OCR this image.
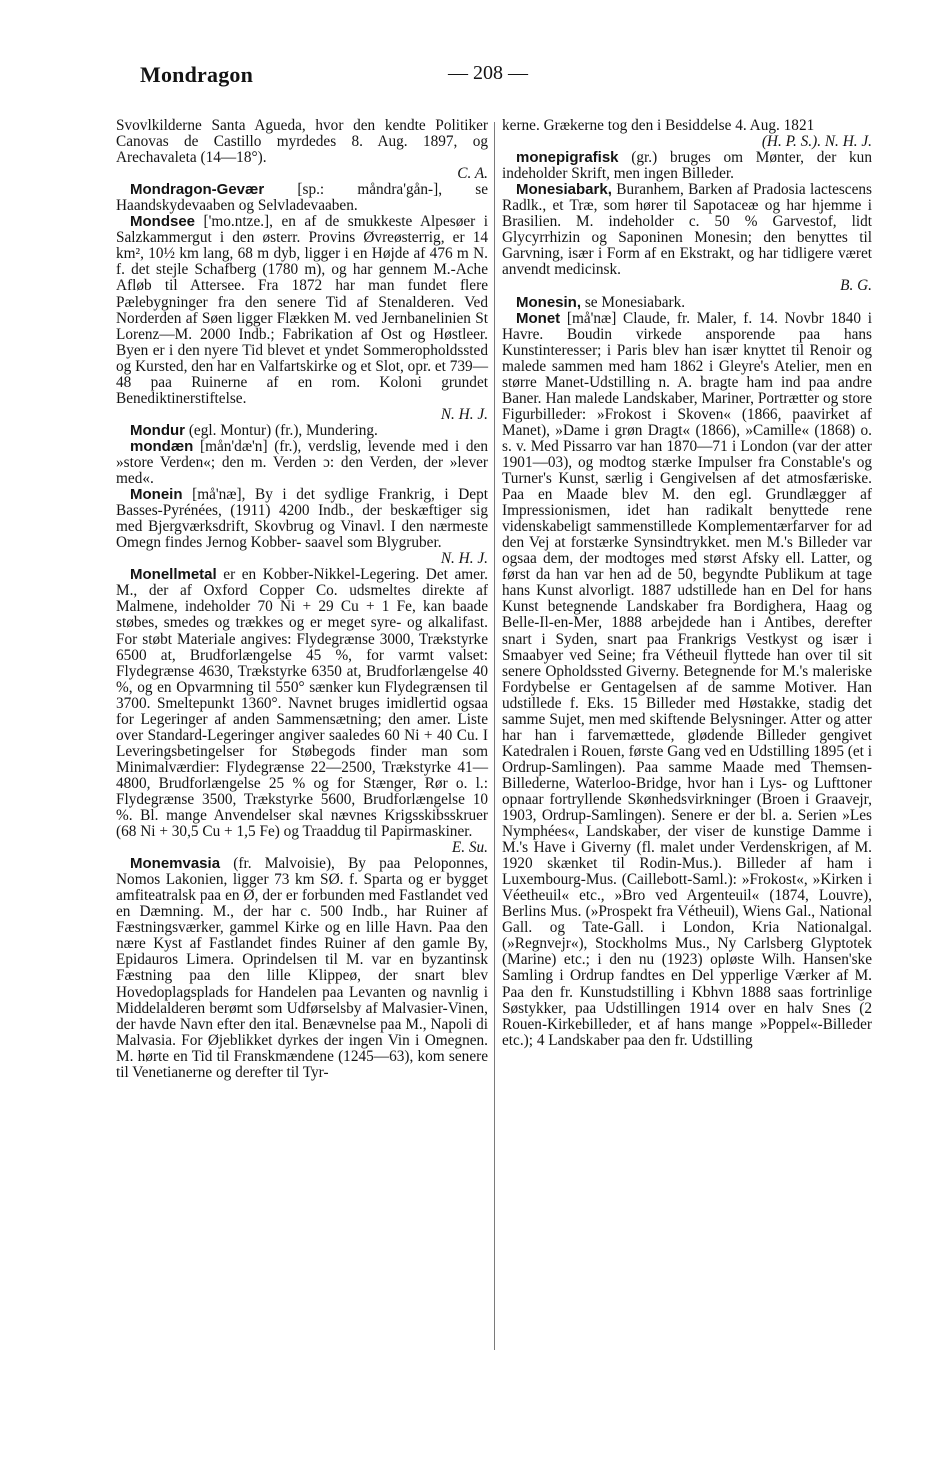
Mondragon	— 208 —

Svovlkilderne Santa Agueda, hvor den kendte Politiker Canovas de Castillo myrdedes 8. Aug. 1897, og Arechavaleta (14—18°).
C. A.

Mondragon-Gevær [sp.: måndra'gån-], se Haandskydevaaben og Selvladevaaben.

Mondsee ['mo.ntze.], en af de smukkeste Alpesøer i Salzkammergut i den østerr. Provins Øvreøsterrig, er 14 km², 10½ km lang, 68 m dyb, ligger i en Højde af 476 m N. f. det stejle Schafberg (1780 m), og har gennem M.-Ache Afløb til Attersee. Fra 1872 har man fundet flere Pælebygninger fra den senere Tid af Stenalderen. Ved Norderden af Søen ligger Flækken M. ved Jernbanelinien St Lorenz—M. 2000 Indb.; Fabrikation af Ost og Høstleer. Byen er i den nyere Tid blevet et yndet Sommeropholdssted og Kursted, den har en Valfartskirke og et Slot, opr. et 739—48 paa Ruinerne af en rom. Koloni grundet Benediktinerstiftelse.
N. H. J.

Mondur (egl. Montur) (fr.), Mundering.

mondæn [mån'dæ'n] (fr.), verdslig, levende med i den »store Verden«; den m. Verden ɔ: den Verden, der »lever med«.

Monein [må'næ], By i det sydlige Frankrig, i Dept Basses-Pyrénées, (1911) 4200 Indb., der beskæftiger sig med Bjergværksdrift, Skovbrug og Vinavl. I den nærmeste Omegn findes Jernog Kobber- saavel som Blygruber.
N. H. J.

Monellmetal er en Kobber-Nikkel-Legering. Det amer. M., der af Oxford Copper Co. udsmeltes direkte af Malmene, indeholder 70 Ni + 29 Cu + 1 Fe, kan baade støbes, smedes og trækkes og er meget syre- og alkalifast. For støbt Materiale angives: Flydegrænse 3000, Trækstyrke 6500 at, Brudforlængelse 45 %, for varmt valset: Flydegrænse 4630, Trækstyrke 6350 at, Brudforlængelse 40 %, og en Opvarmning til 550° sænker kun Flydegrænsen til 3700. Smeltepunkt 1360°. Navnet bruges imidlertid ogsaa for Legeringer af anden Sammensætning; den amer. Liste over Standard-Legeringer angiver saaledes 60 Ni + 40 Cu. I Leveringsbetingelser for Støbegods finder man som Minimalværdier: Flydegrænse 22—2500, Trækstyrke 41—4800, Brudforlængelse 25 % og for Stænger, Rør o. l.: Flydegrænse 3500, Trækstyrke 5600, Brudforlængelse 10 %. Bl. mange Anvendelser skal nævnes Krigsskibsskruer (68 Ni + 30,5 Cu + 1,5 Fe) og Traaddug til Papirmaskiner.
E. Su.

Monemvasia (fr. Malvoisie), By paa Peloponnes, Nomos Lakonien, ligger 73 km SØ. f. Sparta og er bygget amfiteatralsk paa en Ø, der er forbunden med Fastlandet ved en Dæmning. M., der har c. 500 Indb., har Ruiner af Fæstningsværker, gammel Kirke og en lille Havn. Paa den nære Kyst af Fastlandet findes Ruiner af den gamle By, Epidauros Limera. Oprindelsen til M. var en byzantinsk Fæstning paa den lille Klippeø, der snart blev Hovedoplagsplads for Handelen paa Levanten og navnlig i Middelalderen berømt som Udførselsby af Malvasier-Vinen, der havde Navn efter den ital. Benævnelse paa M., Napoli di Malvasia. For Øjeblikket dyrkes der ingen Vin i Omegnen. M. hørte en Tid til Franskmændene (1245—63), kom senere til Venetianerne og derefter til Tyr-

kerne. Grækerne tog den i Besiddelse 4. Aug. 1821
(H. P. S.). N. H. J.

monepigrafisk (gr.) bruges om Mønter, der kun indeholder Skrift, men ingen Billeder.

Monesiabark, Buranhem, Barken af Pradosia lactescens Radlk., et Træ, som hører til Sapotaceæ og har hjemme i Brasilien. M. indeholder c. 50 % Garvestof, lidt Glycyrrhizin og Saponinen Monesin; den benyttes til Garvning, især i Form af en Ekstrakt, og har tidligere været anvendt medicinsk.
B. G.

Monesin, se Monesiabark.

Monet [må'næ] Claude, fr. Maler, f. 14. Novbr 1840 i Havre. Boudin virkede ansporende paa hans Kunstinteresser; i Paris blev han især knyttet til Renoir og malede sammen med ham 1862 i Gleyre's Atelier, men en større Manet-Udstilling n. A. bragte ham ind paa andre Baner. Han malede Landskaber, Mariner, Portrætter og store Figurbilleder: »Frokost i Skoven« (1866, paavirket af Manet), »Dame i grøn Dragt« (1866), »Camille« (1868) o. s. v. Med Pissarro var han 1870—71 i London (var der atter 1901—03), og modtog stærke Impulser fra Constable's og Turner's Kunst, særlig i Gengivelsen af det atmosfæriske. Paa en Maade blev M. den egl. Grundlægger af Impressionismen, idet han radikalt benyttede rene videnskabeligt sammenstillede Komplementærfarver for ad den Vej at forstærke Synsindtrykket. men M.'s Billeder var ogsaa dem, der modtoges med størst Afsky ell. Latter, og først da han var hen ad de 50, begyndte Publikum at tage hans Kunst alvorligt. 1887 udstillede han en Del for hans Kunst betegnende Landskaber fra Bordighera, Haag og Belle-Il-en-Mer, 1888 arbejdede han i Antibes, derefter snart i Syden, snart paa Frankrigs Vestkyst og især i Smaabyer ved Seine; fra Vétheuil flyttede han over til sit senere Opholdssted Giverny. Betegnende for M.'s maleriske Fordybelse er Gentagelsen af de samme Motiver. Han udstillede f. Eks. 15 Billeder med Høstakke, stadig det samme Sujet, men med skiftende Belysninger. Atter og atter har han i farvemættede, glødende Billeder gengivet Katedralen i Rouen, første Gang ved en Udstilling 1895 (et i Ordrup-Samlingen). Paa samme Maade med Themsen-Billederne, Waterloo-Bridge, hvor han i Lys- og Lufttoner opnaar fortryllende Skønhedsvirkninger (Broen i Graavejr, 1903, Ordrup-Samlingen). Senere er der bl. a. Serien »Les Nymphées«, Landskaber, der viser de kunstige Damme i M.'s Have i Giverny (fl. malet under Verdenskrigen, af M. 1920 skænket til Rodin-Mus.). Billeder af ham i Luxembourg-Mus. (Caillebott-Saml.): »Frokost«, »Kirken i Véetheuil« etc., »Bro ved Argenteuil« (1874, Louvre), Berlins Mus. (»Prospekt fra Vétheuil), Wiens Gal., National Gall. og Tate-Gall. i London, Kria Nationalgal. (»Regnvejr«), Stockholms Mus., Ny Carlsberg Glyptotek (Marine) etc.; i den nu (1923) opløste Wilh. Hansen'ske Samling i Ordrup fandtes en Del ypperlige Værker af M. Paa den fr. Kunstudstilling i Kbhvn 1888 saas fortrinlige Søstykker, paa Udstillingen 1914 over en halv Snes (2 Rouen-Kirkebilleder, et af hans mange »Poppel«-Billeder etc.); 4 Landskaber paa den fr. Udstilling
